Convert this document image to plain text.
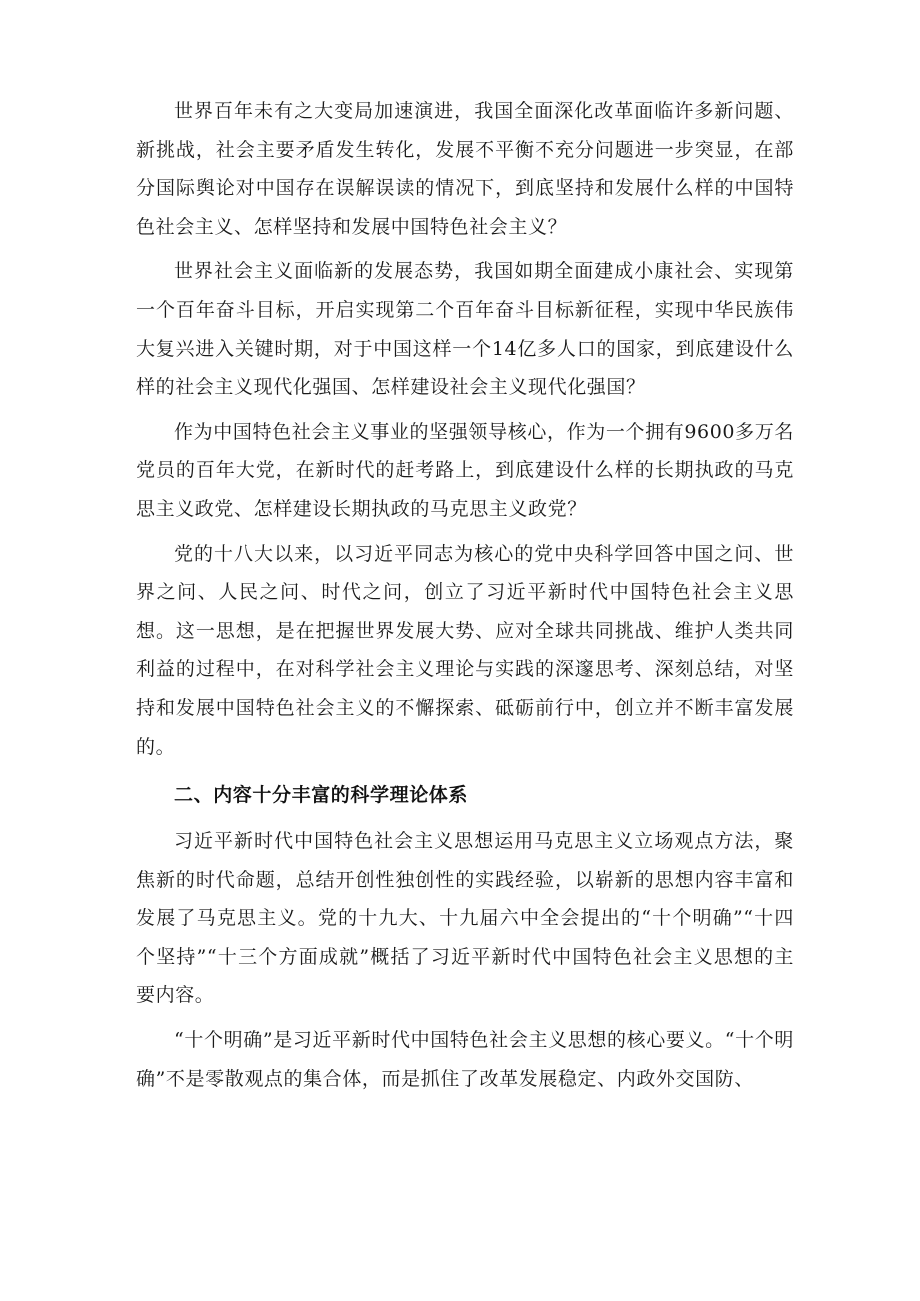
世界百年未有之大变局加速演进，我国全面深化改革面临许多新问题、新挑战，社会主要矛盾发生转化，发展不平衡不充分问题进一步突显，在部分国际舆论对中国存在误解误读的情况下，到底坚持和发展什么样的中国特色社会主义、怎样坚持和发展中国特色社会主义？

世界社会主义面临新的发展态势，我国如期全面建成小康社会、实现第一个百年奋斗目标，开启实现第二个百年奋斗目标新征程，实现中华民族伟大复兴进入关键时期，对于中国这样一个14亿多人口的国家，到底建设什么样的社会主义现代化强国、怎样建设社会主义现代化强国？

作为中国特色社会主义事业的坚强领导核心，作为一个拥有9600多万名党员的百年大党，在新时代的赶考路上，到底建设什么样的长期执政的马克思主义政党、怎样建设长期执政的马克思主义政党？

党的十八大以来，以习近平同志为核心的党中央科学回答中国之问、世界之问、人民之问、时代之问，创立了习近平新时代中国特色社会主义思想。这一思想，是在把握世界发展大势、应对全球共同挑战、维护人类共同利益的过程中，在对科学社会主义理论与实践的深邃思考、深刻总结，对坚持和发展中国特色社会主义的不懈探索、砥砺前行中，创立并不断丰富发展的。

二、内容十分丰富的科学理论体系

习近平新时代中国特色社会主义思想运用马克思主义立场观点方法，聚焦新的时代命题，总结开创性独创性的实践经验，以崭新的思想内容丰富和发展了马克思主义。党的十九大、十九届六中全会提出的“十个明确”“十四个坚持”“十三个方面成就”概括了习近平新时代中国特色社会主义思想的主要内容。

“十个明确”是习近平新时代中国特色社会主义思想的核心要义。“十个明确”不是零散观点的集合体，而是抓住了改革发展稳定、内政外交国防、
